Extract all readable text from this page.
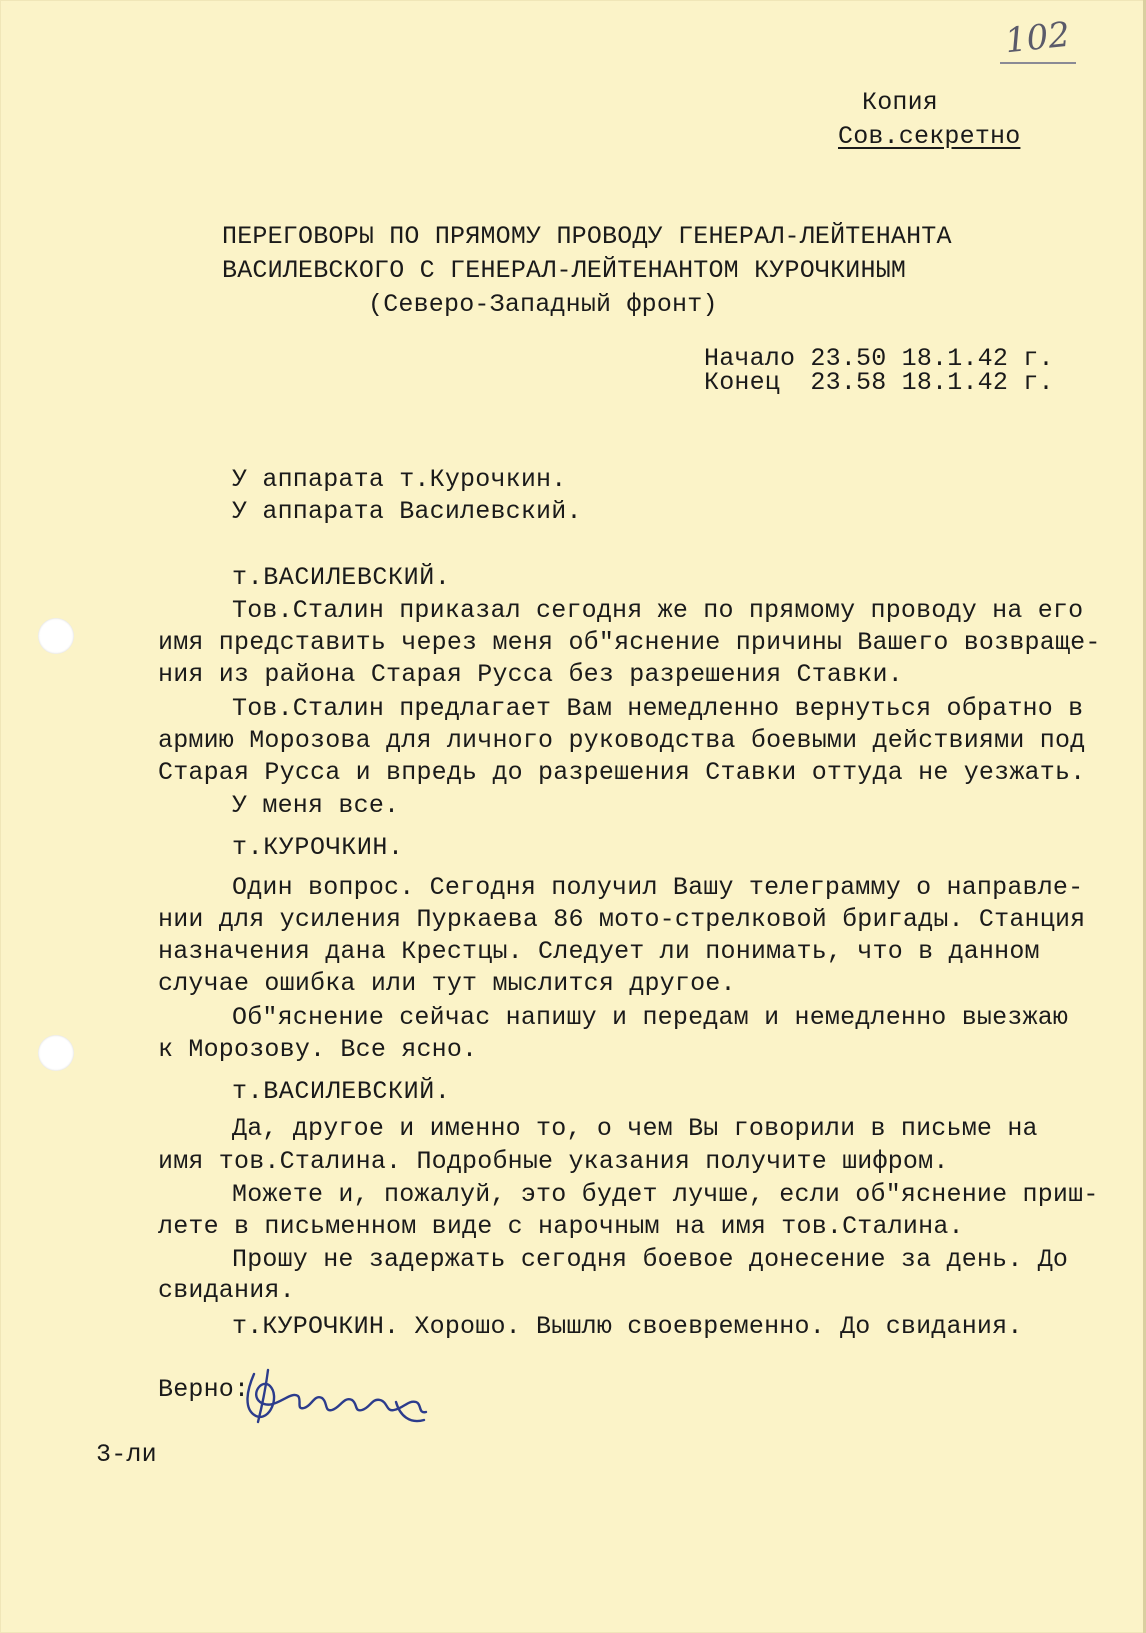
102
Копия
Сов.секретно
ПЕРЕГОВОРЫ ПО ПРЯМОМУ ПРОВОДУ ГЕНЕРАЛ-ЛЕЙТЕНАНТА
ВАСИЛЕВСКОГО С ГЕНЕРАЛ-ЛЕЙТЕНАНТОМ КУРОЧКИНЫМ
(Северо-Западный фронт)
Начало 23.50 18.1.42 г.
Конец  23.58 18.1.42 г.
У аппарата т.Курочкин.
У аппарата Василевский.
т.ВАСИЛЕВСКИЙ.
Тов.Сталин приказал сегодня же по прямому проводу на его
имя представить через меня об"яснение причины Вашего возвраще-
ния из района Старая Русса без разрешения Ставки.
Тов.Сталин предлагает Вам немедленно вернуться обратно в
армию Морозова для личного руководства боевыми действиями под
Старая Русса и впредь до разрешения Ставки оттуда не уезжать.
У меня все.
т.КУРОЧКИН.
Один вопрос. Сегодня получил Вашу телеграмму о направле-
нии для усиления Пуркаева 86 мото-стрелковой бригады. Станция
назначения дана Крестцы. Следует ли понимать, что в данном
случае ошибка или тут мыслится другое.
Об"яснение сейчас напишу и передам и немедленно выезжаю
к Морозову. Все ясно.
т.ВАСИЛЕВСКИЙ.
Да, другое и именно то, о чем Вы говорили в письме на
имя тов.Сталина. Подробные указания получите шифром.
Можете и, пожалуй, это будет лучше, если об"яснение приш-
лете в письменном виде с нарочным на имя тов.Сталина.
Прошу не задержать сегодня боевое донесение за день. До
свидания.
т.КУРОЧКИН. Хорошо. Вышлю своевременно. До свидания.
Верно:
3-ли
